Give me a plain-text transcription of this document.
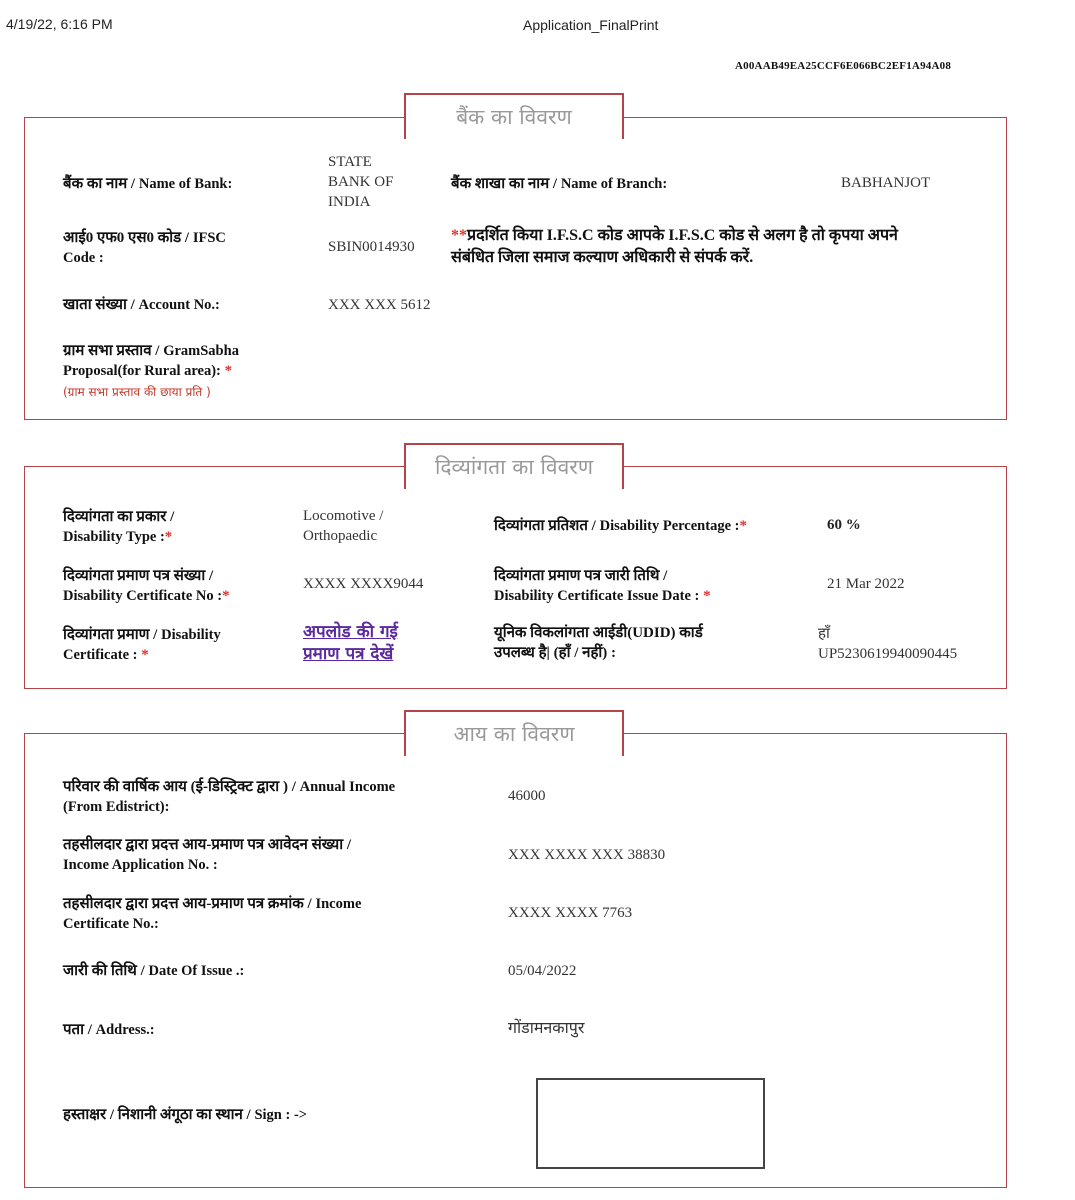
4/19/22, 6:16 PM	Application_FinalPrint
A00AAB49EA25CCF6E066BC2EF1A94A08
बैंक का विवरण
बैंक का नाम / Name of Bank:
STATE
BANK OF
INDIA
बैंक शाखा का नाम / Name of Branch:	BABHANJOT
आई0 एफ0 एस0 कोड / IFSC
Code :
SBIN0014930
**प्रदर्शित किया I.F.S.C कोड आपके I.F.S.C कोड से अलग है तो कृपया अपने
संबंधित जिला समाज कल्याण अधिकारी से संपर्क करें.
खाता संख्या / Account No.:	XXX XXX 5612
ग्राम सभा प्रस्ताव / GramSabha
Proposal(for Rural area): *
(ग्राम सभा प्रस्ताव की छाया प्रति )
दिव्यांगता का विवरण
दिव्यांगता का प्रकार /
Disability Type :*
Locomotive /
Orthopaedic
दिव्यांगता प्रतिशत / Disability Percentage :*	60 %
दिव्यांगता प्रमाण पत्र संख्या /
Disability Certificate No :*
XXXX XXXX9044	दिव्यांगता प्रमाण पत्र जारी तिथि /
Disability Certificate Issue Date : *
21 Mar 2022
दिव्यांगता प्रमाण / Disability
Certificate : *
अपलोड की गई
प्रमाण पत्र देखें
यूनिक विकलांगता आईडी(UDID) कार्ड
उपलब्ध है| (हाँ / नहीं) :
हाँ
UP5230619940090445
आय का विवरण
परिवार की वार्षिक आय (ई-डिस्ट्रिक्ट द्वारा ) / Annual Income
(From Edistrict):
46000
तहसीलदार द्वारा प्रदत्त आय-प्रमाण पत्र आवेदन संख्या /
Income Application No. :
XXX XXXX XXX 38830
तहसीलदार द्वारा प्रदत्त आय-प्रमाण पत्र क्रमांक / Income
Certificate No.:
XXXX XXXX 7763
जारी की तिथि / Date Of Issue .:	05/04/2022
पता / Address.:	गोंडामनकापुर
हस्ताक्षर / निशानी अंगूठा का स्थान / Sign : ->
